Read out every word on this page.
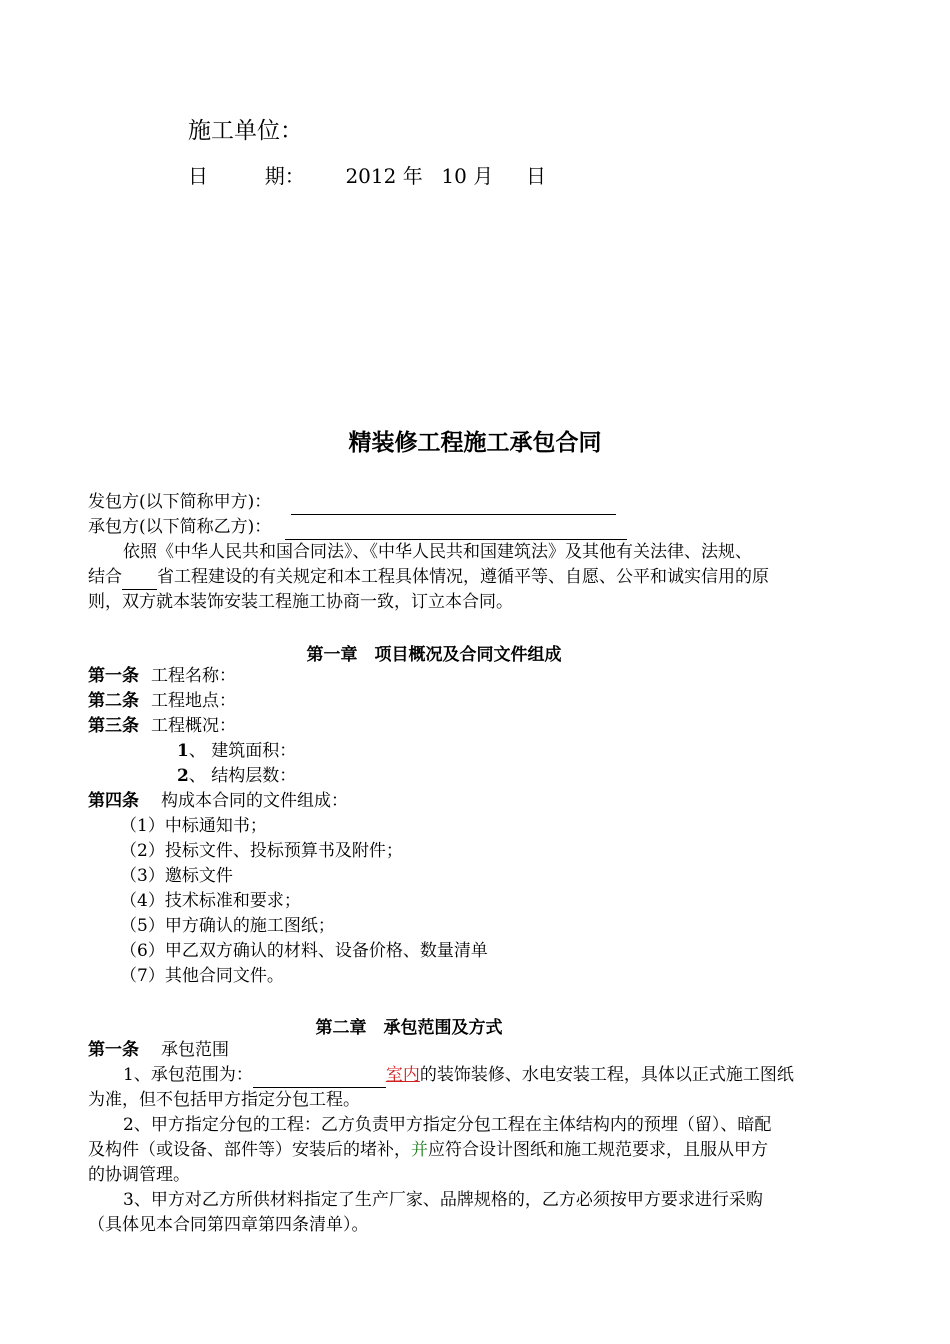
施工单位：
日	期： 2012 年 10 月 日
精装修工程施工承包合同
发包方(以下简称甲方)：
承包方(以下简称乙方)：
依照《中华人民共和国合同法》、《中华人民共和国建筑法》及其他有关法律、法规、
结合 省工程建设的有关规定和本工程具体情况，遵循平等、自愿、公平和诚实信用的原
则，双方就本装饰安装工程施工协商一致，订立本合同。
第一章　项目概况及合同文件组成
第一条 工程名称：
第二条 工程地点：
第三条 工程概况：
1、 建筑面积：
2、 结构层数：
第四条 构成本合同的文件组成：
（1）中标通知书；
（2）投标文件、投标预算书及附件；
（3）邀标文件
（4）技术标准和要求；
（5）甲方确认的施工图纸；
（6）甲乙双方确认的材料、设备价格、数量清单
（7）其他合同文件。
第二章　承包范围及方式
第一条 承包范围
1、承包范围为：	室内的装饰装修、水电安装工程，具体以正式施工图纸
为准，但不包括甲方指定分包工程。
2、甲方指定分包的工程：乙方负责甲方指定分包工程在主体结构内的预埋（留）、暗配
及构件（或设备、部件等）安装后的堵补，并应符合设计图纸和施工规范要求，且服从甲方
的协调管理。
3、甲方对乙方所供材料指定了生产厂家、品牌规格的，乙方必须按甲方要求进行采购
（具体见本合同第四章第四条清单）。
